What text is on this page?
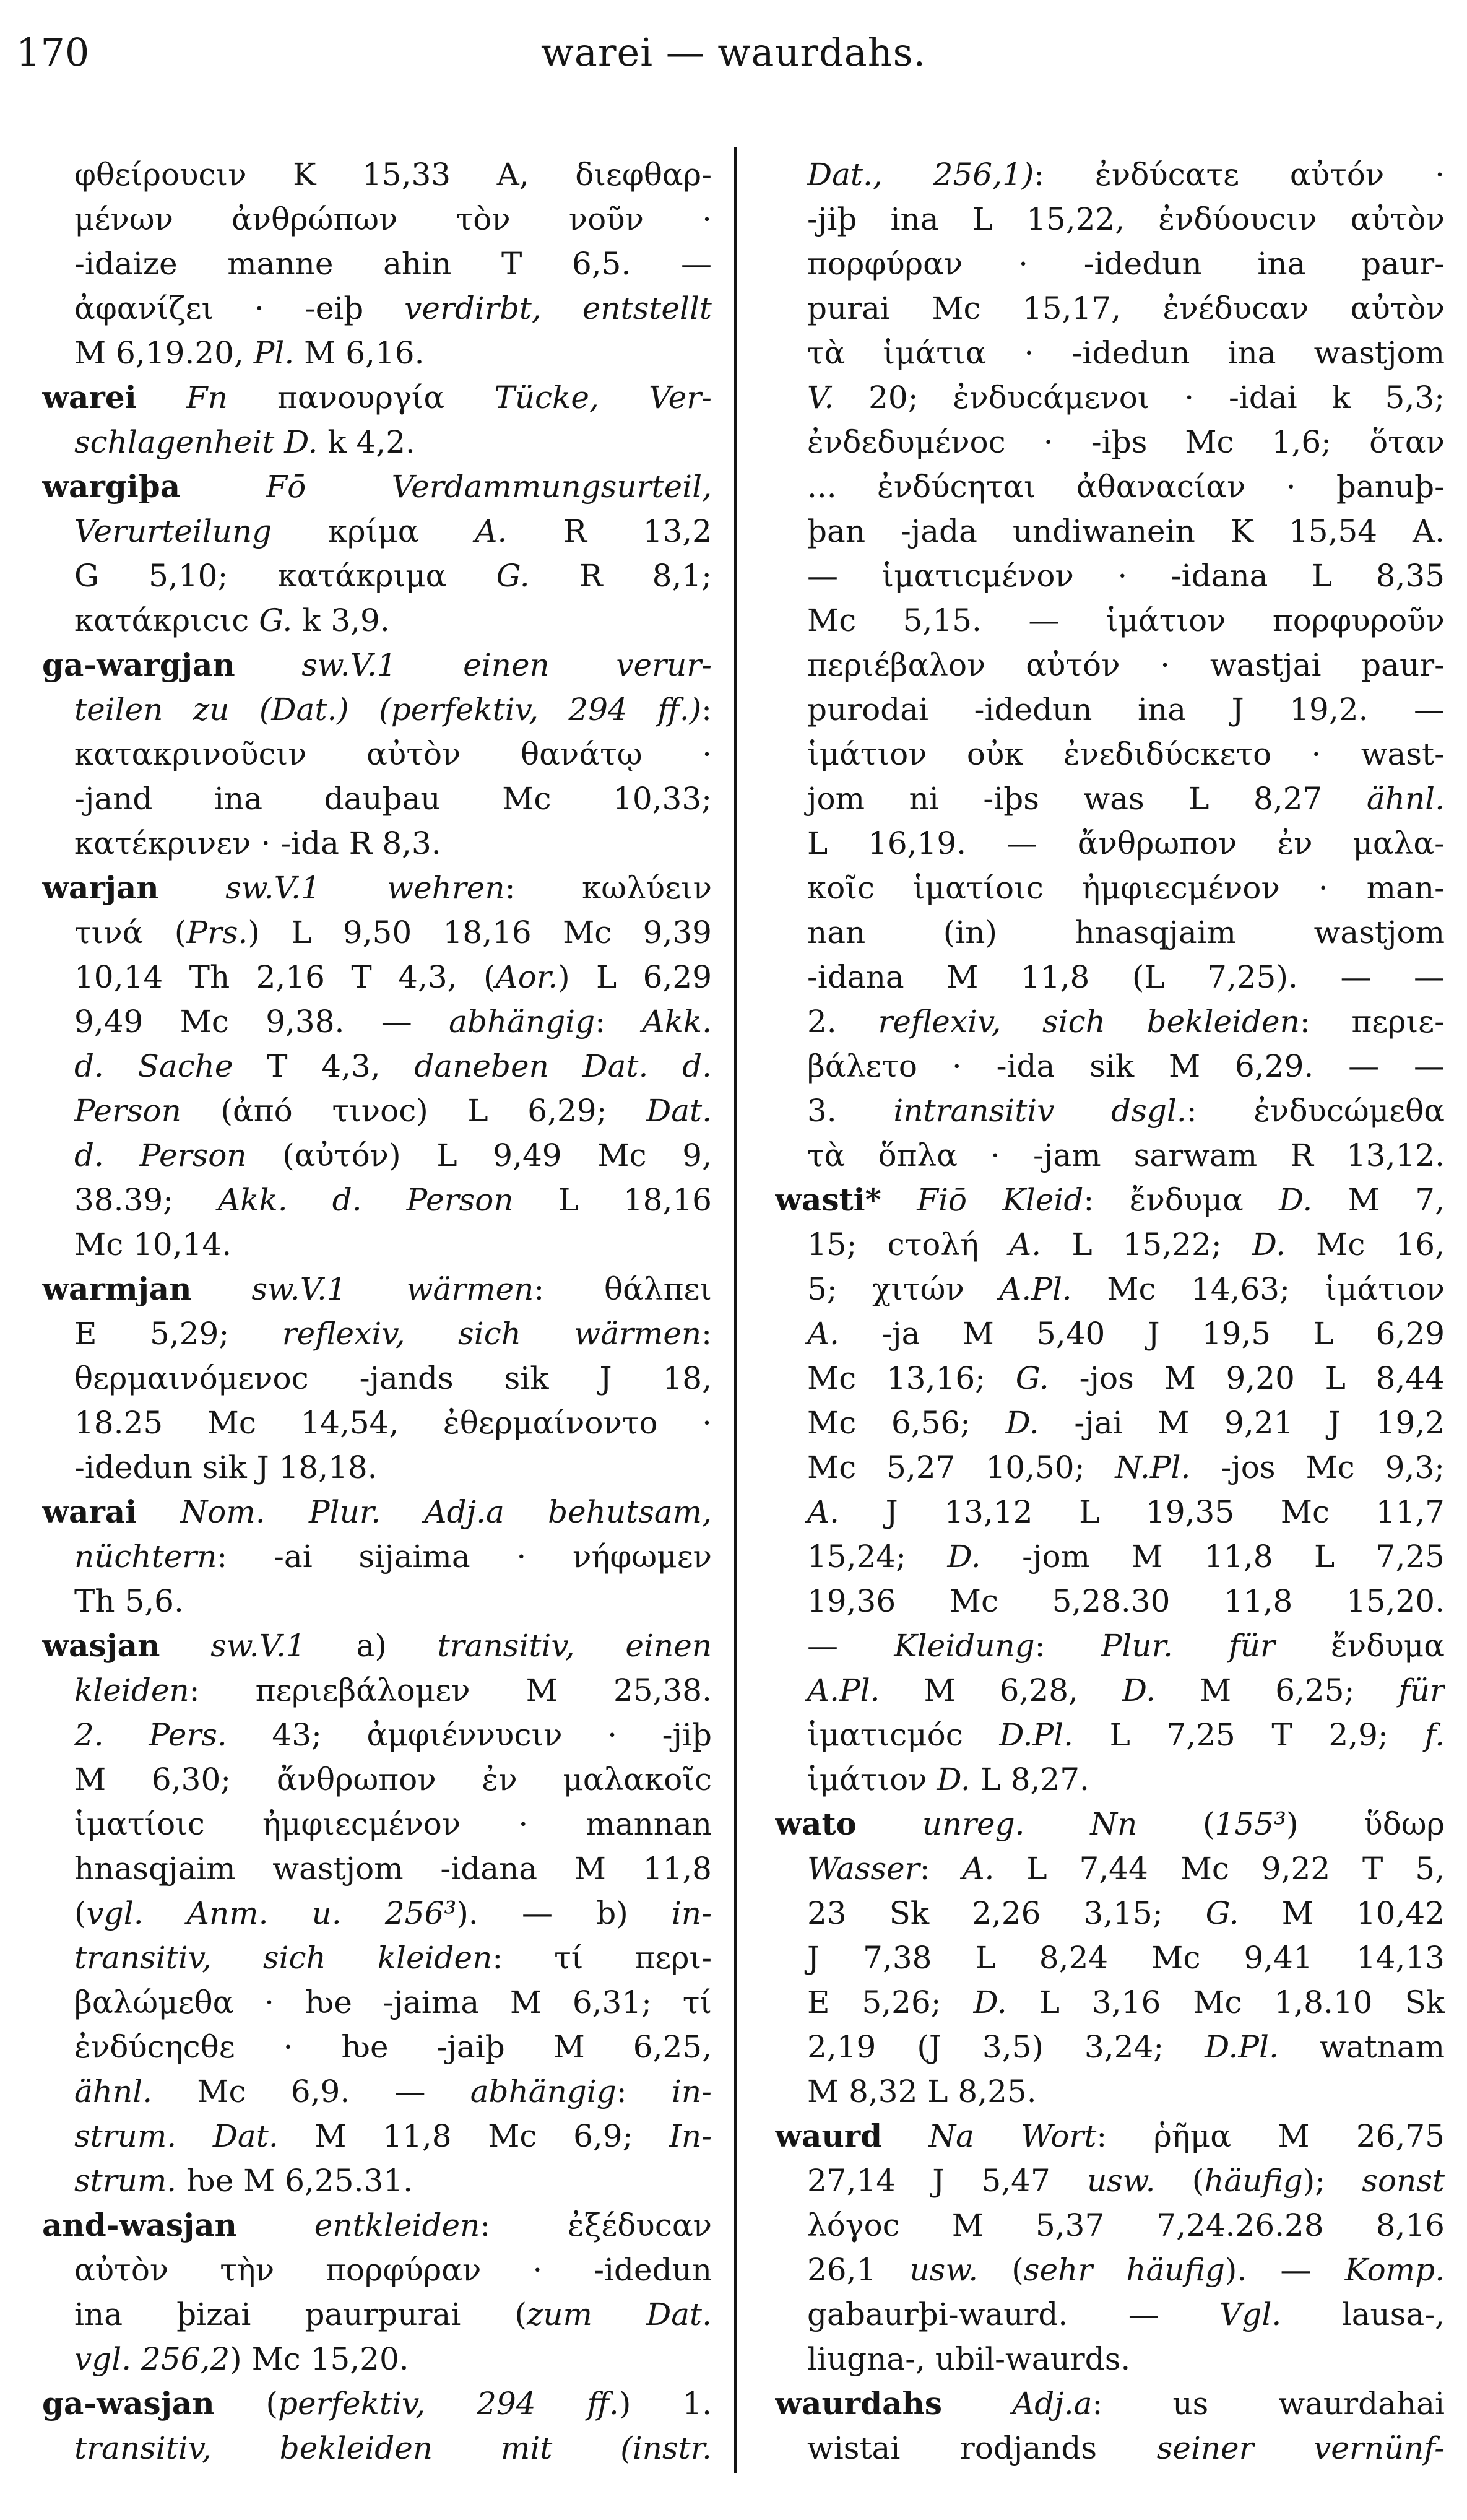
170	warei — waurdahs.
φθείρουcιν K 15,33 A, διεφθαρ-
μένων ἀνθρώπων τὸν νοῦν ·
-idaize manne ahin T 6,5. —
ἀφανίζει · -eiþ verdirbt, entstellt
M 6,19.20, Pl. M 6,16.
warei Fn πανουργία Tücke, Ver-
schlagenheit D. k 4,2.
wargiþa	Fō Verdammungsurteil,
Verurteilung κρίμα A. R 13,2
G 5,10; κατάκριμα G. R 8,1;
κατάκριcιc G. k 3,9.
ga-wargjan sw.V.1 einen verur-
teilen zu (Dat.) (perfektiv, 294 ff.):
κατακρινοῦcιν αὐτὸν θανάτῳ ·
-jand ina dauþau Mc 10,33;
κατέκρινεν · -ida R 8,3.
warjan sw.V.1 wehren: κωλύειν
τινά (Prs.) L 9,50 18,16 Mc 9,39
10,14 Th 2,16 T 4,3, (Aor.) L 6,29
9,49 Mc 9,38. — abhängig: Akk.
d. Sache T 4,3, daneben Dat. d.
Person (ἀπό τινοc) L 6,29; Dat.
d. Person (αὐτόν) L 9,49 Mc 9,
38.39; Akk. d. Person L 18,16
Mc 10,14.
warmjan sw.V.1 wärmen: θάλπει
E 5,29; reflexiv, sich wärmen:
θερμαινόμενοc -jands sik J 18,
18.25 Mc 14,54, ἐθερμαίνοντο ·
-idedun sik J 18,18.
warai Nom. Plur. Adj.a behutsam,
nüchtern: -ai sijaima · νήφωμεν
Th 5,6.
wasjan sw.V.1 a) transitiv, einen
kleiden: περιεβάλομεν M 25,38.
2. Pers. 43; ἀμφιέννυcιν · -jiþ
M 6,30; ἄνθρωπον ἐν μαλακοῖc
ἱματίοιc ἠμφιεcμένον · mannan
hnasqjaim wastjom -idana M 11,8
(vgl. Anm. u. 256³). — b) in-
transitiv, sich kleiden: τί περι-
βαλώμεθα · ƕe -jaima M 6,31; τί
ἐνδύcηcθε · ƕe -jaiþ M 6,25,
ähnl. Mc 6,9. — abhängig: in-
strum. Dat. M 11,8 Mc 6,9; In-
strum. ƕe M 6,25.31.
and-wasjan entkleiden: ἐξέδυcαν
αὐτὸν τὴν πορφύραν · -idedun
ina þizai paurpurai (zum Dat.
vgl. 256,2) Mc 15,20.
ga-wasjan (perfektiv, 294 ff.) 1.
transitiv, bekleiden mit (instr.
Dat., 256,1): ἐνδύcατε αὐτόν ·
-jiþ ina L 15,22, ἐνδύουcιν αὐτὸν
πορφύραν · -idedun ina paur-
purai Mc 15,17, ἐνέδυcαν αὐτὸν
τὰ ἱμάτια · -idedun ina wastjom
V. 20; ἐνδυcάμενοι · -idai k 5,3;
ἐνδεδυμένοc · -iþs Mc 1,6; ὅταν
... ἐνδύcηται ἀθαναcίαν · þanuþ-
þan -jada undiwanein K 15,54 A.
— ἱματιcμένον · -idana L 8,35
Mc 5,15. — ἱμάτιον πορφυροῦν
περιέβαλον αὐτόν · wastjai paur-
purodai -idedun ina J 19,2. —
ἱμάτιον οὐκ ἐνεδιδύcκετο · wast-
jom ni -iþs was L 8,27 ähnl.
L 16,19. — ἄνθρωπον ἐν μαλα-
κοῖc ἱματίοιc ἠμφιεcμένον · man-
nan (in) hnasqjaim wastjom
-idana M 11,8 (L 7,25). — —
2. reflexiv, sich bekleiden: περιε-
βάλετο · -ida sik M 6,29. — —
3. intransitiv dsgl.: ἐνδυcώμεθα
τὰ ὅπλα · -jam sarwam R 13,12.
wasti* Fiō Kleid: ἔνδυμα D. M 7,
15; cτολή A. L 15,22; D. Mc 16,
5; χιτών A.Pl. Mc 14,63; ἱμάτιον
A. -ja M 5,40 J 19,5 L 6,29
Mc 13,16; G. -jos M 9,20 L 8,44
Mc 6,56; D. -jai M 9,21 J 19,2
Mc 5,27 10,50; N.Pl. -jos Mc 9,3;
A. J 13,12 L 19,35 Mc 11,7
15,24; D. -jom M 11,8 L 7,25
19,36 Mc 5,28.30 11,8 15,20.
— Kleidung: Plur. für ἔνδυμα
A.Pl. M 6,28, D. M 6,25; für
ἱματιcμόc D.Pl. L 7,25 T 2,9; f.
ἱμάτιον D. L 8,27.
wato unreg. Nn (155³) ὕδωρ
Wasser: A. L 7,44 Mc 9,22 T 5,
23 Sk 2,26 3,15; G. M 10,42
J 7,38 L 8,24 Mc 9,41 14,13
E 5,26; D. L 3,16 Mc 1,8.10 Sk
2,19 (J 3,5) 3,24; D.Pl. watnam
M 8,32 L 8,25.
waurd Na Wort: ῥῆμα M 26,75
27,14 J 5,47 usw. (häufig); sonst
λόγοc M 5,37 7,24.26.28 8,16
26,1 usw. (sehr häufig). — Komp.
gabaurþi-waurd. — Vgl. lausa-,
liugna-, ubil-waurds.
waurdahs Adj.a: us waurdahai
wistai rodjands seiner vernünf-
